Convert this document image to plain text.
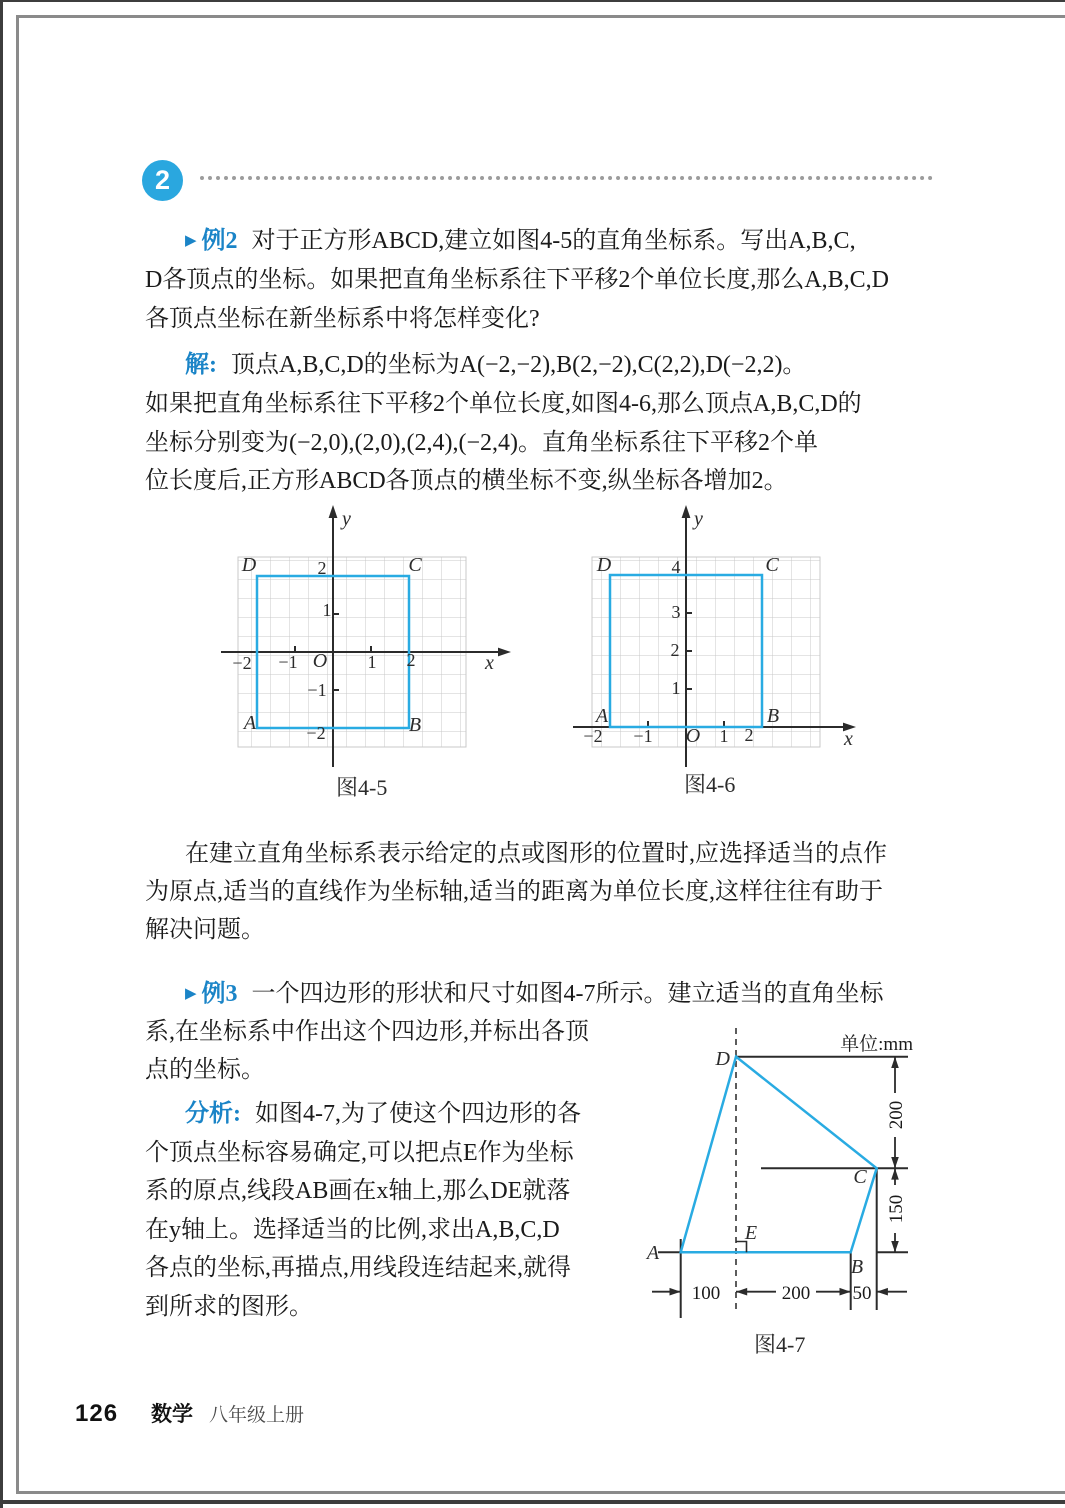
2
▶ 例2 对于正方形ABCD,建立如图4-5的直角坐标系。写出A,B,C,
D各顶点的坐标。如果把直角坐标系往下平移2个单位长度,那么A,B,C,D
各顶点坐标在新坐标系中将怎样变化?
解: 顶点A,B,C,D的坐标为A(−2,−2),B(2,−2),C(2,2),D(−2,2)。
如果把直角坐标系往下平移2个单位长度,如图4-6,那么顶点A,B,C,D的
坐标分别变为(−2,0),(2,0),(2,4),(−2,4)。直角坐标系往下平移2个单
位长度后,正方形ABCD各顶点的横坐标不变,纵坐标各增加2。
2
1
−1
−2
−2 −1	1 2
O
D	C
A	B
y
x
图4-5
4
3
2
1
−2 −1	1 2
O
D	C
A	B
y
x
图4-6
在建立直角坐标系表示给定的点或图形的位置时,应选择适当的点作
为原点,适当的直线作为坐标轴,适当的距离为单位长度,这样往往有助于
解决问题。
▶ 例3 一个四边形的形状和尺寸如图4-7所示。建立适当的直角坐标
系,在坐标系中作出这个四边形,并标出各顶
点的坐标。
分析: 如图4-7,为了使这个四边形的各
个顶点坐标容易确定,可以把点E作为坐标
系的原点,线段AB画在x轴上,那么DE就落
在y轴上。选择适当的比例,求出A,B,C,D
各点的坐标,再描点,用线段连结起来,就得
到所求的图形。
200
150
100	200 50
单位:mm
D
C
A
B
E
图4-7
126 数学 八年级上册
